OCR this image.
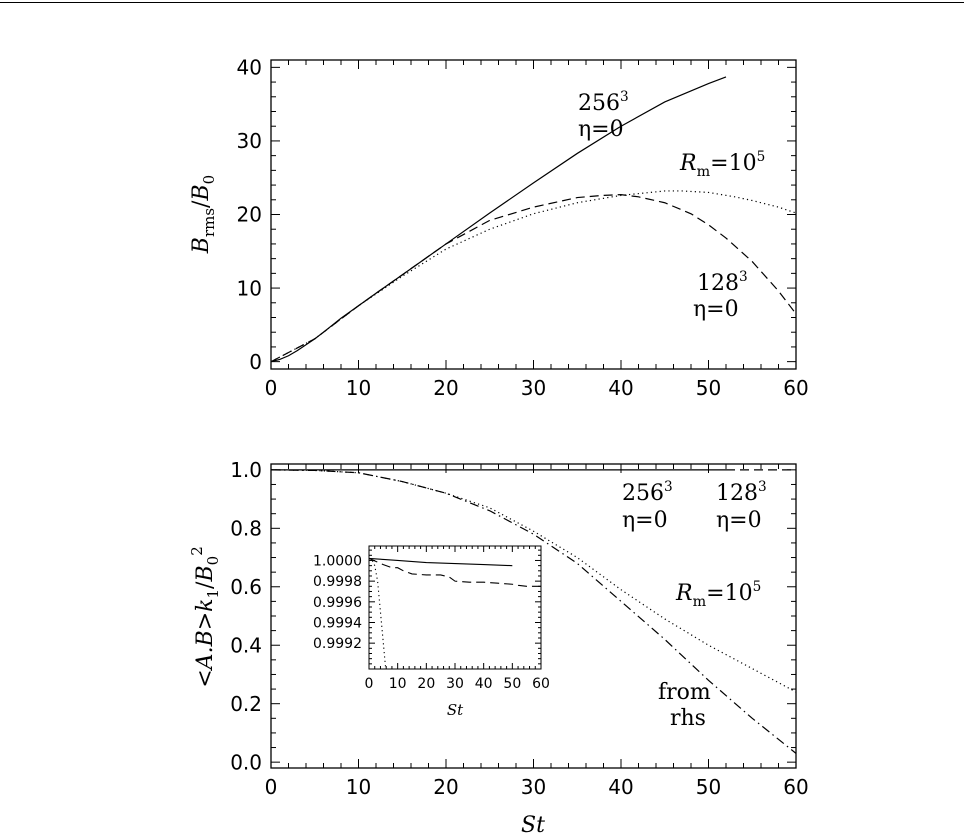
0	10	20	30	40	50	60
0
10
20
30
40
$B_{rms}/B_0$
$256^3$
η=0
$R_m=10^5$
$128^3$
η=0
0	10	20	30	40	50	60
0.0
0.2
0.4
0.6
0.8
1.0
St
$<A.B>k_1/B_0^2$
$256^3$
η=0
$128^3$
η=0
$R_m=10^5$
from
rhs
0 10 20 30 40 50 60
0.9992
0.9994
0.9996
0.9998
1.0000
St
